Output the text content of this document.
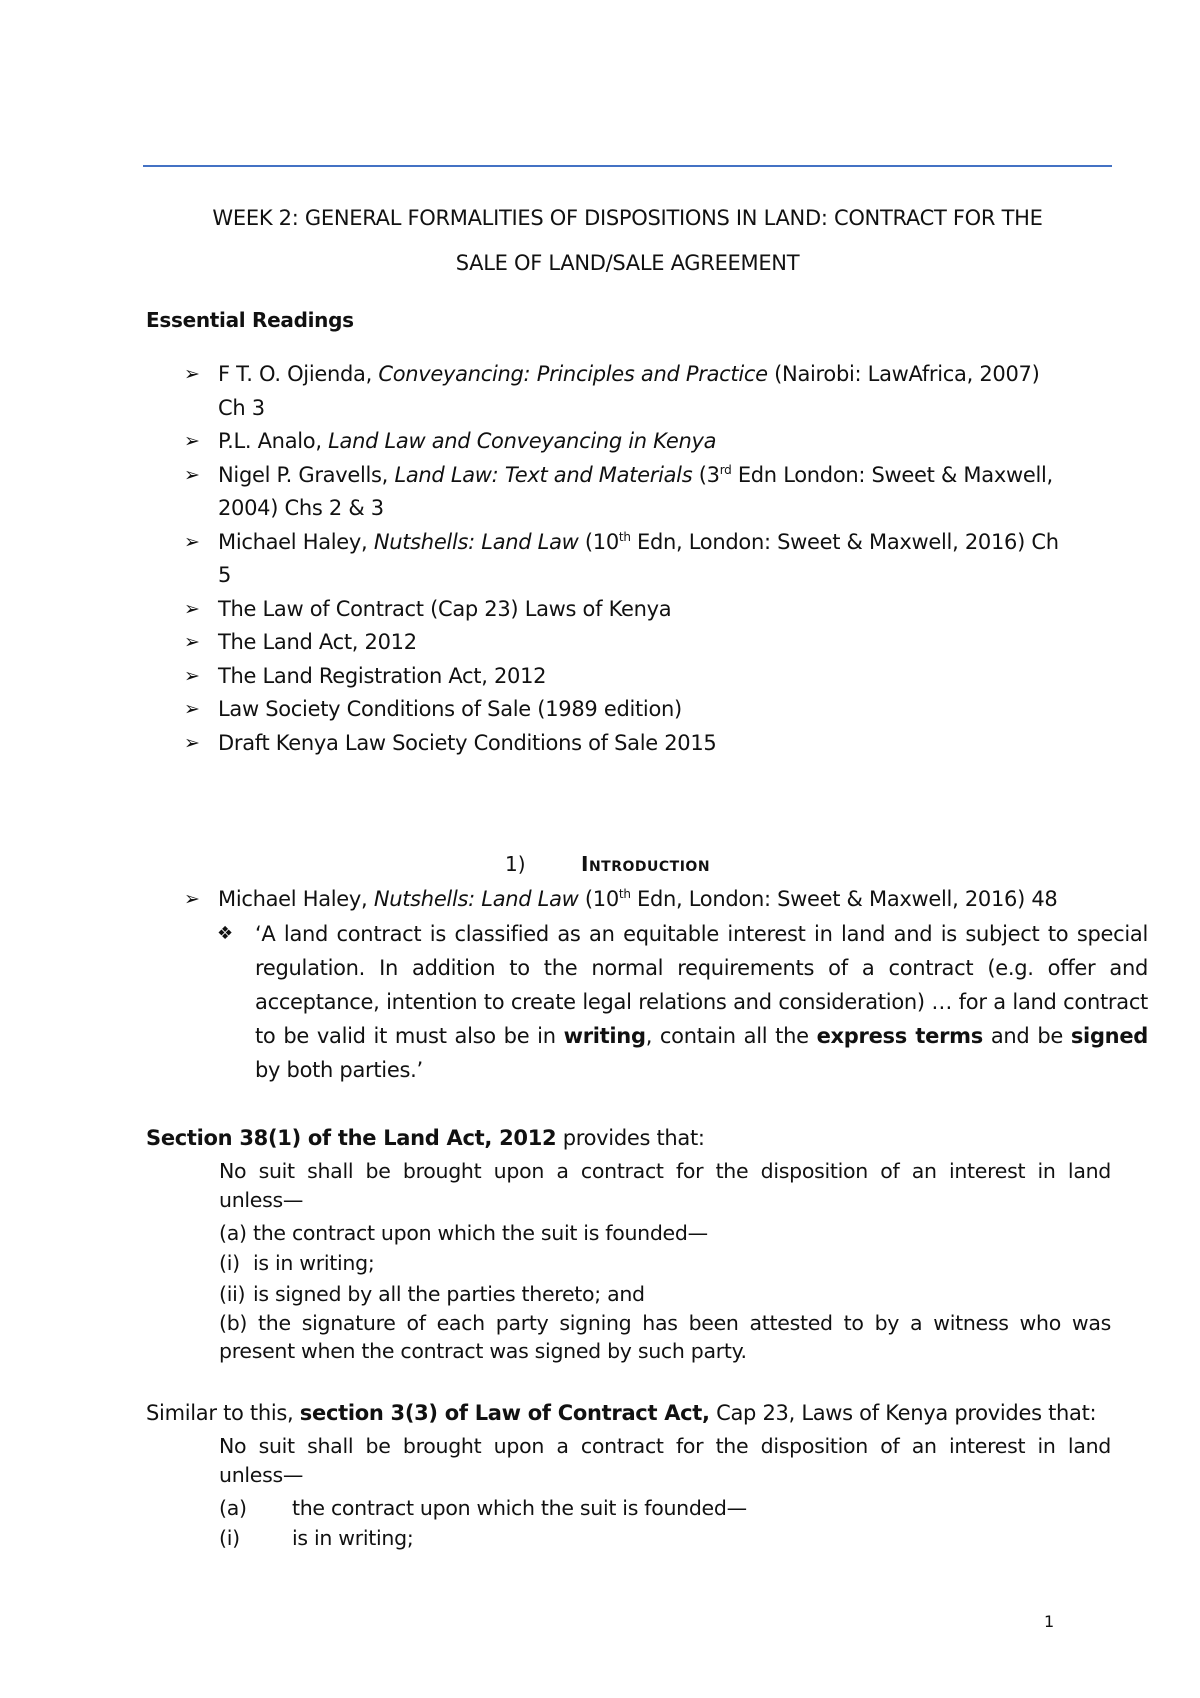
WEEK 2: GENERAL FORMALITIES OF DISPOSITIONS IN LAND: CONTRACT FOR THE
SALE OF LAND/SALE AGREEMENT
Essential Readings
➢ F T. O. Ojienda, Conveyancing: Principles and Practice (Nairobi: LawAfrica, 2007)
Ch 3
➢ P.L. Analo, Land Law and Conveyancing in Kenya
➢ Nigel P. Gravells, Land Law: Text and Materials (3rd Edn London: Sweet & Maxwell,
2004) Chs 2 & 3
➢ Michael Haley, Nutshells: Land Law (10th Edn, London: Sweet & Maxwell, 2016) Ch
5
➢ The Law of Contract (Cap 23) Laws of Kenya
➢ The Land Act, 2012
➢ The Land Registration Act, 2012
➢ Law Society Conditions of Sale (1989 edition)
➢ Draft Kenya Law Society Conditions of Sale 2015
1)	Introduction
➢ Michael Haley, Nutshells: Land Law (10th Edn, London: Sweet & Maxwell, 2016) 48
❖ ‘A land contract is classified as an equitable interest in land and is subject to special regulation. In addition to the normal requirements of a contract (e.g. offer and acceptance, intention to create legal relations and consideration) … for a land contract to be valid it must also be in writing, contain all the express terms and be signed by both parties.’
Section 38(1) of the Land Act, 2012 provides that:
No suit shall be brought upon a contract for the disposition of an interest in land
unless—
(a) the contract upon which the suit is founded—
(i) is in writing;
(ii) is signed by all the parties thereto; and
(b) the signature of each party signing has been attested to by a witness who was
present when the contract was signed by such party.
Similar to this, section 3(3) of Law of Contract Act, Cap 23, Laws of Kenya provides that:
No suit shall be brought upon a contract for the disposition of an interest in land
unless—
(a) the contract upon which the suit is founded—
(i)	is in writing;
1
